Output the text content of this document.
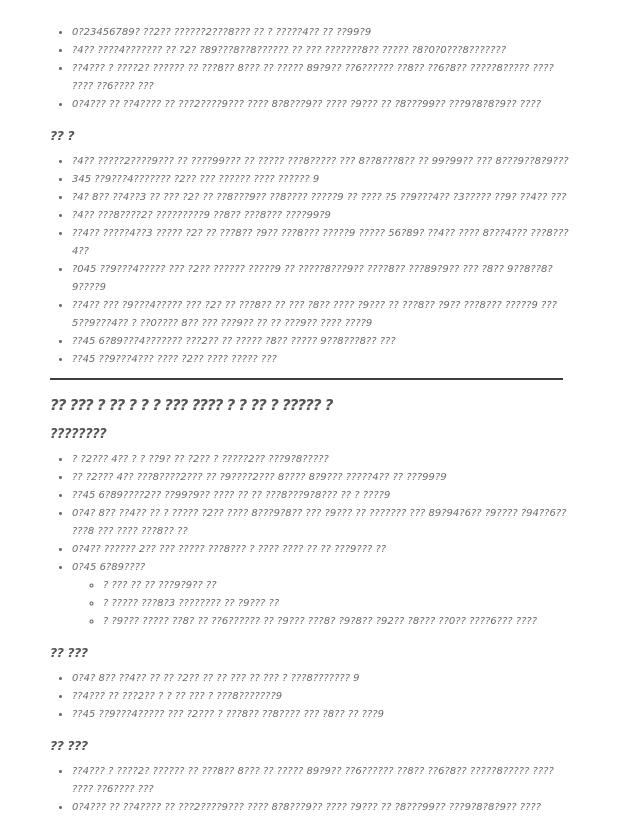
• 0?23456789? ??2?? ??????2???8??? ?? ? ?????4?? ?? ??99?9
• ?4?? ????4??????? ?? ?2? ?89???8??8?????? ?? ??? ???????8?? ????? ?8?0?0???8???????
• ??4??? ? ????2? ?????? ?? ???8?? 8??? ?? ????? 89?9?? ??6?????? ??8?? ??6?8?? ?????8????? ???? ???? ??6???? ???
• 0?4??? ?? ??4???? ?? ???2????9??? ???? 8?8???9?? ???? ?9??? ?? ?8???99?? ???9?8?8?9?? ????
?? ?
• ?4?? ?????2????9??? ?? ????99??? ?? ????? ???8????? ??? 8??8???8?? ?? 99?99?? ??? 8???9??8?9???
• 345 ??9???4??????? ?2?? ??? ?????? ???? ?????? 9
• ?4? 8?? ??4??3 ?? ??? ?2? ?? ??8???9?? ??8???? ?????9 ?? ???? ?5 ??9???4?? ?3????? ??9? ??4?? ???
• ?4?? ???8????2? ?????????9 ??8?? ???8??? ????99?9
• ??4?? ?????4??3 ????? ?2? ?? ???8?? ?9?? ???8??? ?????9 ????? 56?89? ??4?? ???? 8???4??? ???8???4??
• ?045 ??9???4????? ??? ?2?? ?????? ?????9 ?? ?????8???9?? ????8?? ???89?9?? ??? ?8?? 9??8??8?9????9
• ??4?? ??? ?9???4????? ??? ?2? ?? ???8?? ?? ??? ?8?? ???? ?9??? ?? ???8?? ?9?? ???8??? ?????9 ??? 5??9???4?? ? ??0???? 8?? ??? ???9?? ?? ?? ???9?? ???? ????9
• ??45 6?89???4??????? ???2?? ?? ????? ?8?? ????? 9??8???8?? ???
• ??45 ??9???4??? ???? ?2?? ???? ????? ???
?? ??? ? ?? ? ? ? ??? ???? ? ? ?? ? ????? ?
????????
• ? ?2??? 4?? ? ? ??9? ?? ?2?? ? ?????2?? ???9?8?????
• ?? ?2??? 4?? ???8????2??? ?? ?9????2??? 8???? 8?9??? ?????4?? ?? ???99?9
• ??45 6?89????2?? ??99?9?? ???? ?? ?? ???8???9?8??? ?? ? ????9
• 0?4? 8?? ??4?? ?? ? ????? ?2?? ???? 8???9?8?? ??? ?9??? ?? ??????? ??? 89?94?6?? ?9???? ?94??6?? ???8 ??? ???? ???8?? ??
• 0?4?? ?????? 2?? ??? ????? ???8??? ? ???? ???? ?? ?? ???9??? ??
• 0?45 6?89????
◦ ? ??? ?? ?? ???9?9?? ??
◦ ? ????? ???8?3 ???????? ?? ?9??? ??
◦ ? ?9??? ????? ??8? ?? ??6?????? ?? ?9??? ???8? ?9?8?? ?92?? ?8??? ??0?? ????6??? ????
?? ???
• 0?4? 8?? ??4?? ?? ?? ?2?? ?? ?? ??? ?? ??? ? ???8??????? 9
• ??4??? ?? ???2?? ? ? ?? ??? ? ???8???????9
• ??45 ??9???4????? ??? ?2??? ? ???8?? ??8???? ??? ?8?? ?? ???9
?? ???
• ??4??? ? ????2? ?????? ?? ???8?? 8??? ?? ????? 89?9?? ??6?????? ??8?? ??6?8?? ?????8????? ???? ???? ??6???? ???
• 0?4??? ?? ??4???? ?? ???2????9??? ???? 8?8???9?? ???? ?9??? ?? ?8???99?? ???9?8?8?9?? ????
